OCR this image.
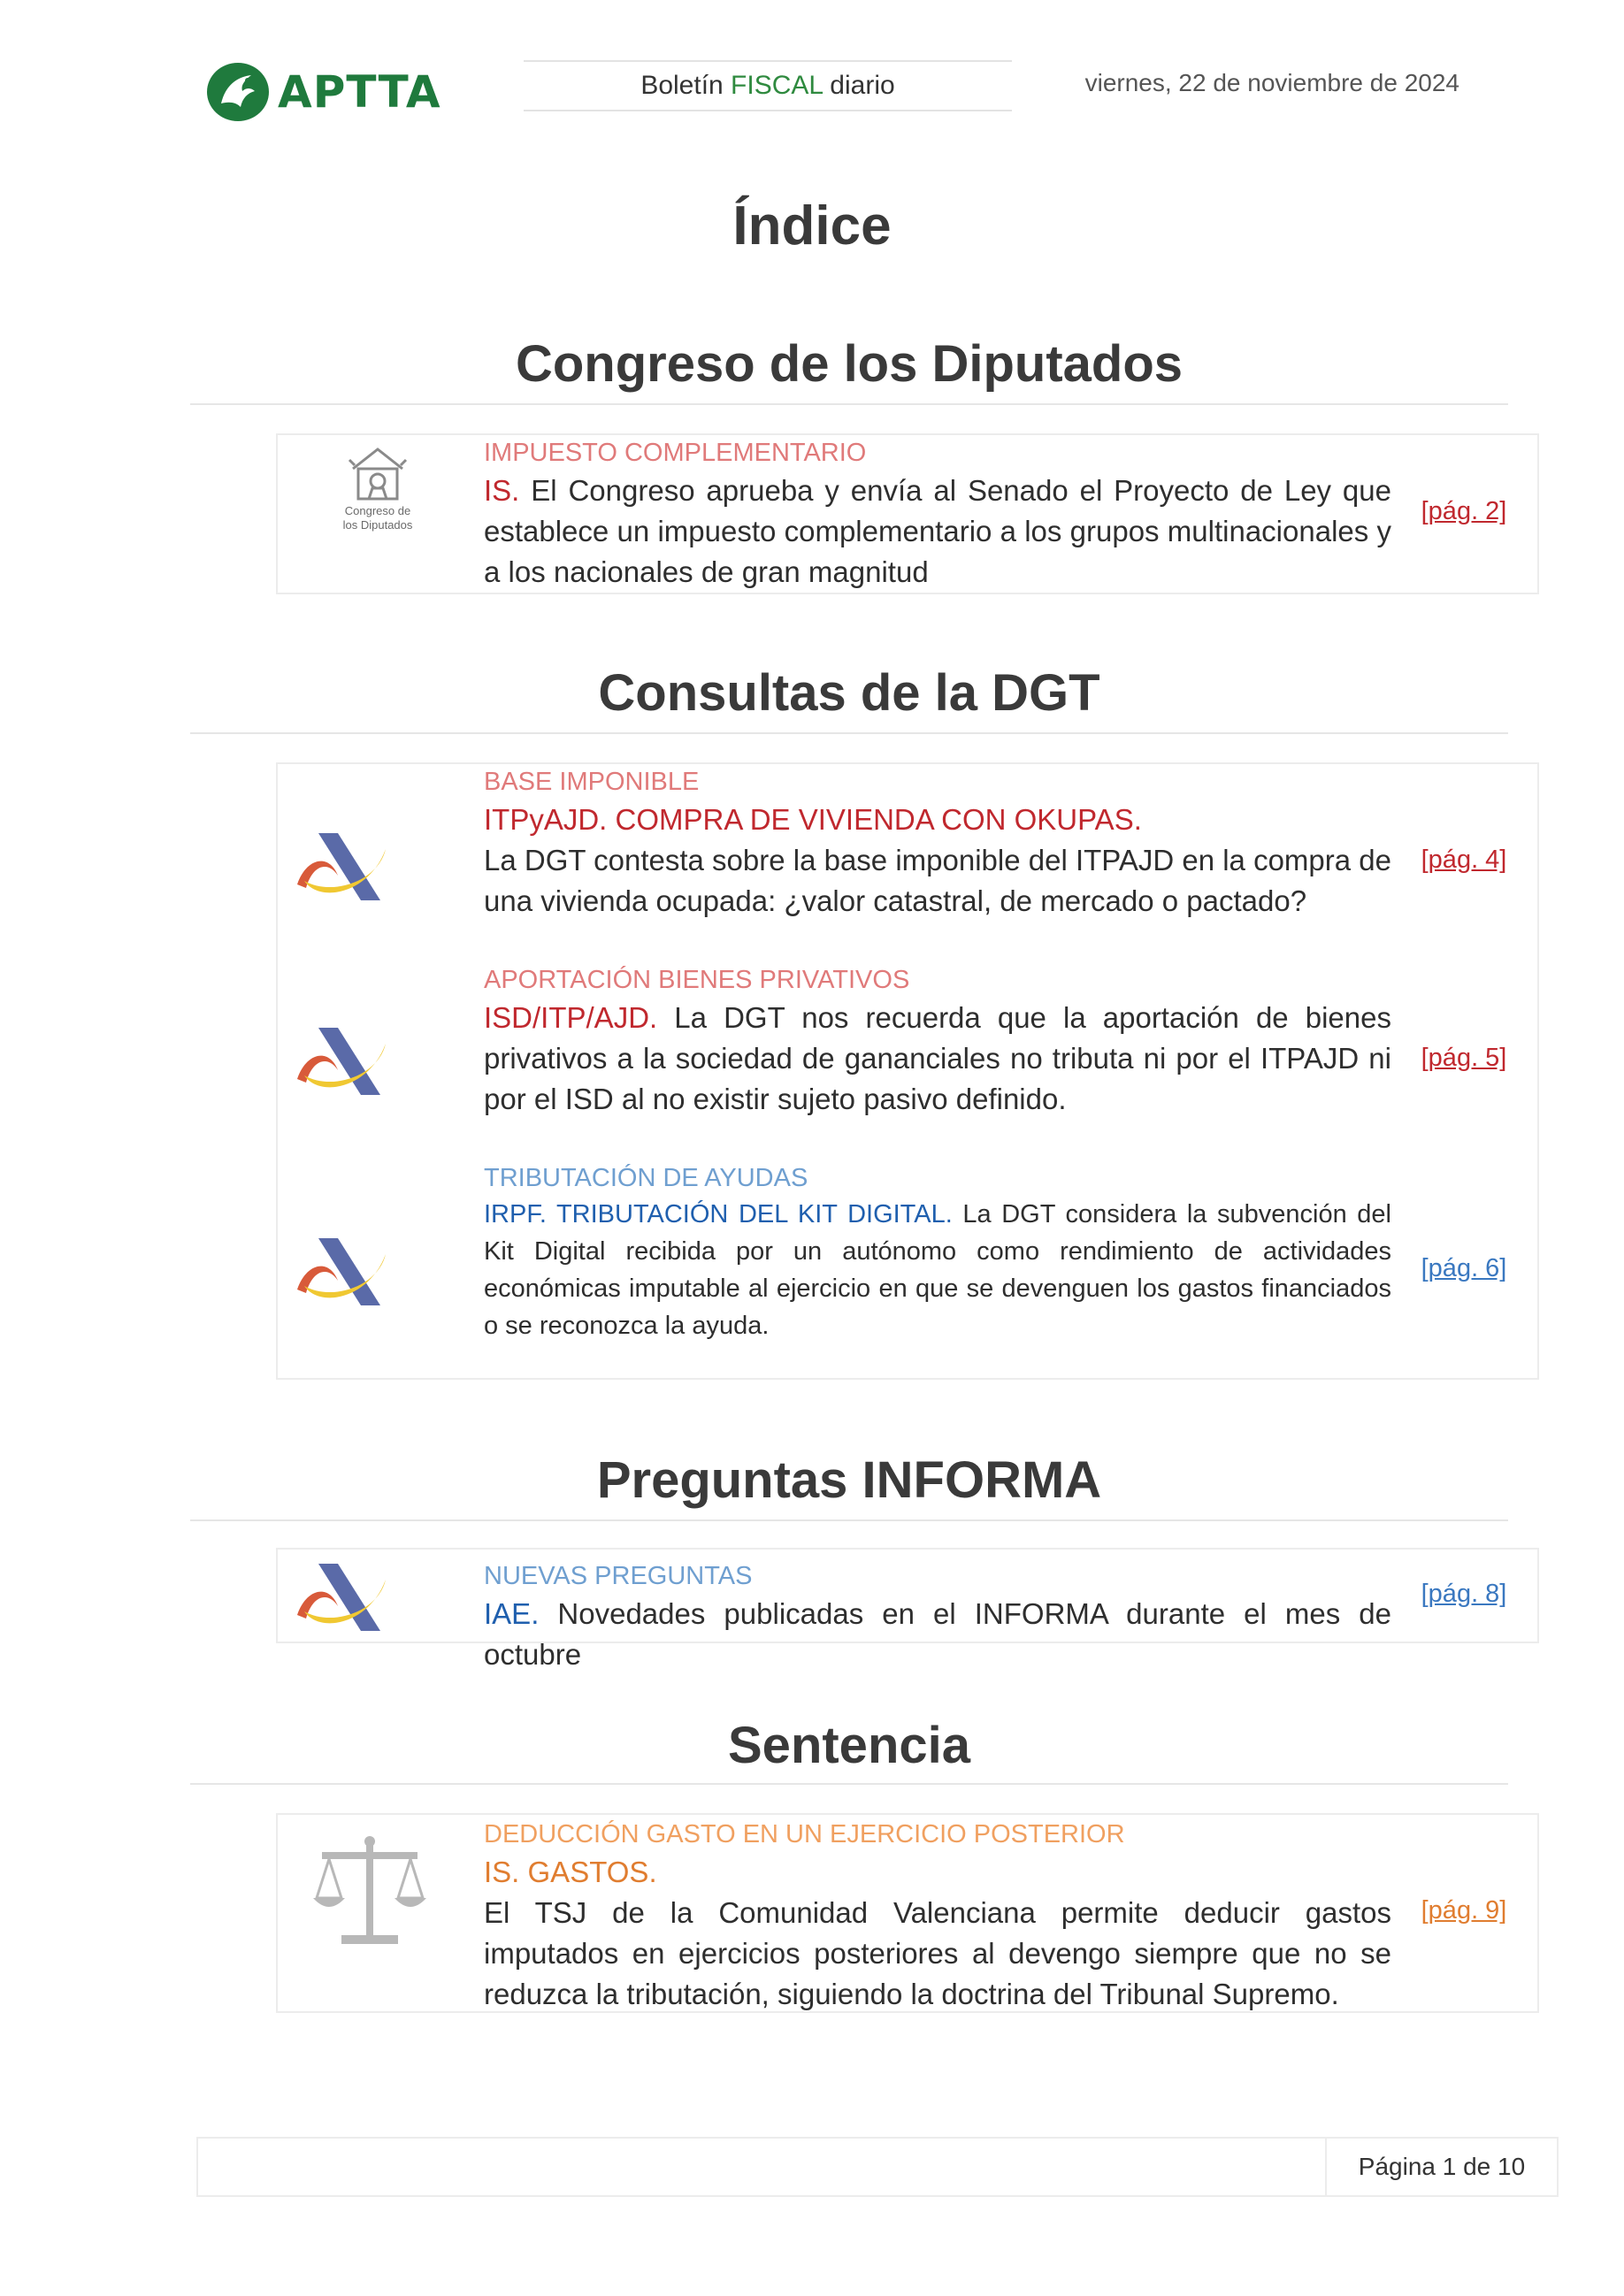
APTTA	Boletín FISCAL diario	viernes, 22 de noviembre de 2024
Índice
Congreso de los Diputados
Congreso de
los Diputados
IMPUESTO COMPLEMENTARIO
IS. El Congreso aprueba y envía al Senado el Proyecto de Ley que establece un impuesto complementario a los grupos multinacionales y a los nacionales de gran magnitud
[pág. 2]
Consultas de la DGT
BASE IMPONIBLE
ITPyAJD. COMPRA DE VIVIENDA CON OKUPAS.
La DGT contesta sobre la base imponible del ITPAJD en la compra de una vivienda ocupada: ¿valor catastral, de mercado o pactado?
[pág. 4]
APORTACIÓN BIENES PRIVATIVOS
ISD/ITP/AJD. La DGT nos recuerda que la aportación de bienes privativos a la sociedad de gananciales no tributa ni por el ITPAJD ni por el ISD al no existir sujeto pasivo definido.
[pág. 5]
TRIBUTACIÓN DE AYUDAS
IRPF. TRIBUTACIÓN DEL KIT DIGITAL. La DGT considera la subvención del Kit Digital recibida por un autónomo como rendimiento de actividades económicas imputable al ejercicio en que se devenguen los gastos financiados o se reconozca la ayuda.
[pág. 6]
Preguntas INFORMA
NUEVAS PREGUNTAS
IAE. Novedades publicadas en el INFORMA durante el mes de octubre
[pág. 8]
Sentencia
DEDUCCIÓN GASTO EN UN EJERCICIO POSTERIOR
IS. GASTOS.
El TSJ de la Comunidad Valenciana permite deducir gastos imputados en ejercicios posteriores al devengo siempre que no se reduzca la tributación, siguiendo la doctrina del Tribunal Supremo.
[pág. 9]
Página 1 de 10
